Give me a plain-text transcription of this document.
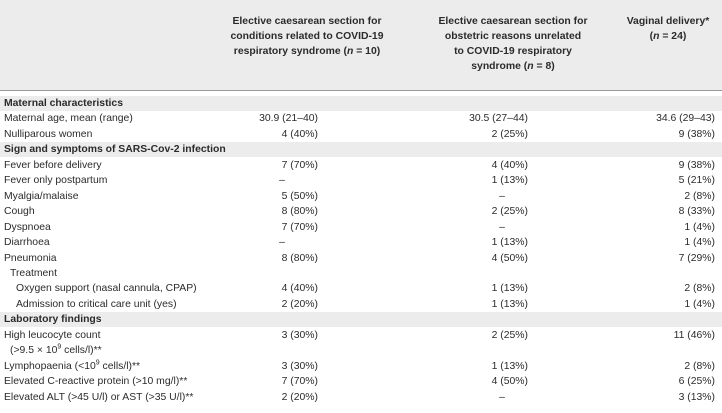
Elective caesarean section for
conditions related to COVID-19
respiratory syndrome (n = 10)
Elective caesarean section for
obstetric reasons unrelated
to COVID-19 respiratory
syndrome (n = 8)
Vaginal delivery*
(n = 24)
Maternal characteristics
Maternal age, mean (range)	30.9 (21–40)	30.5 (27–44)	34.6 (29–43)
Nulliparous women	4 (40%)	2 (25%)	9 (38%)
Sign and symptoms of SARS-Cov-2 infection
Fever before delivery	7 (70%)	4 (40%)	9 (38%)
Fever only postpartum	–	1 (13%)	5 (21%)
Myalgia/malaise	5 (50%)	–	2 (8%)
Cough	8 (80%)	2 (25%)	8 (33%)
Dyspnoea	7 (70%)	–	1 (4%)
Diarrhoea	–	1 (13%)	1 (4%)
Pneumonia	8 (80%)	4 (50%)	7 (29%)
Treatment
Oxygen support (nasal cannula, CPAP)	4 (40%)	1 (13%)	2 (8%)
Admission to critical care unit (yes)	2 (20%)	1 (13%)	1 (4%)
Laboratory findings
High leucocyte count	3 (30%)	2 (25%)	11 (46%)
($>9.5 \times 10^9$ cells/l)**
Lymphopaenia ($<10^9$ cells/l)**	3 (30%)	1 (13%)	2 (8%)
Elevated C-reactive protein (>10 mg/l)**	7 (70%)	4 (50%)	6 (25%)
Elevated ALT (>45 U/l) or AST (>35 U/l)**	2 (20%)	–	3 (13%)
